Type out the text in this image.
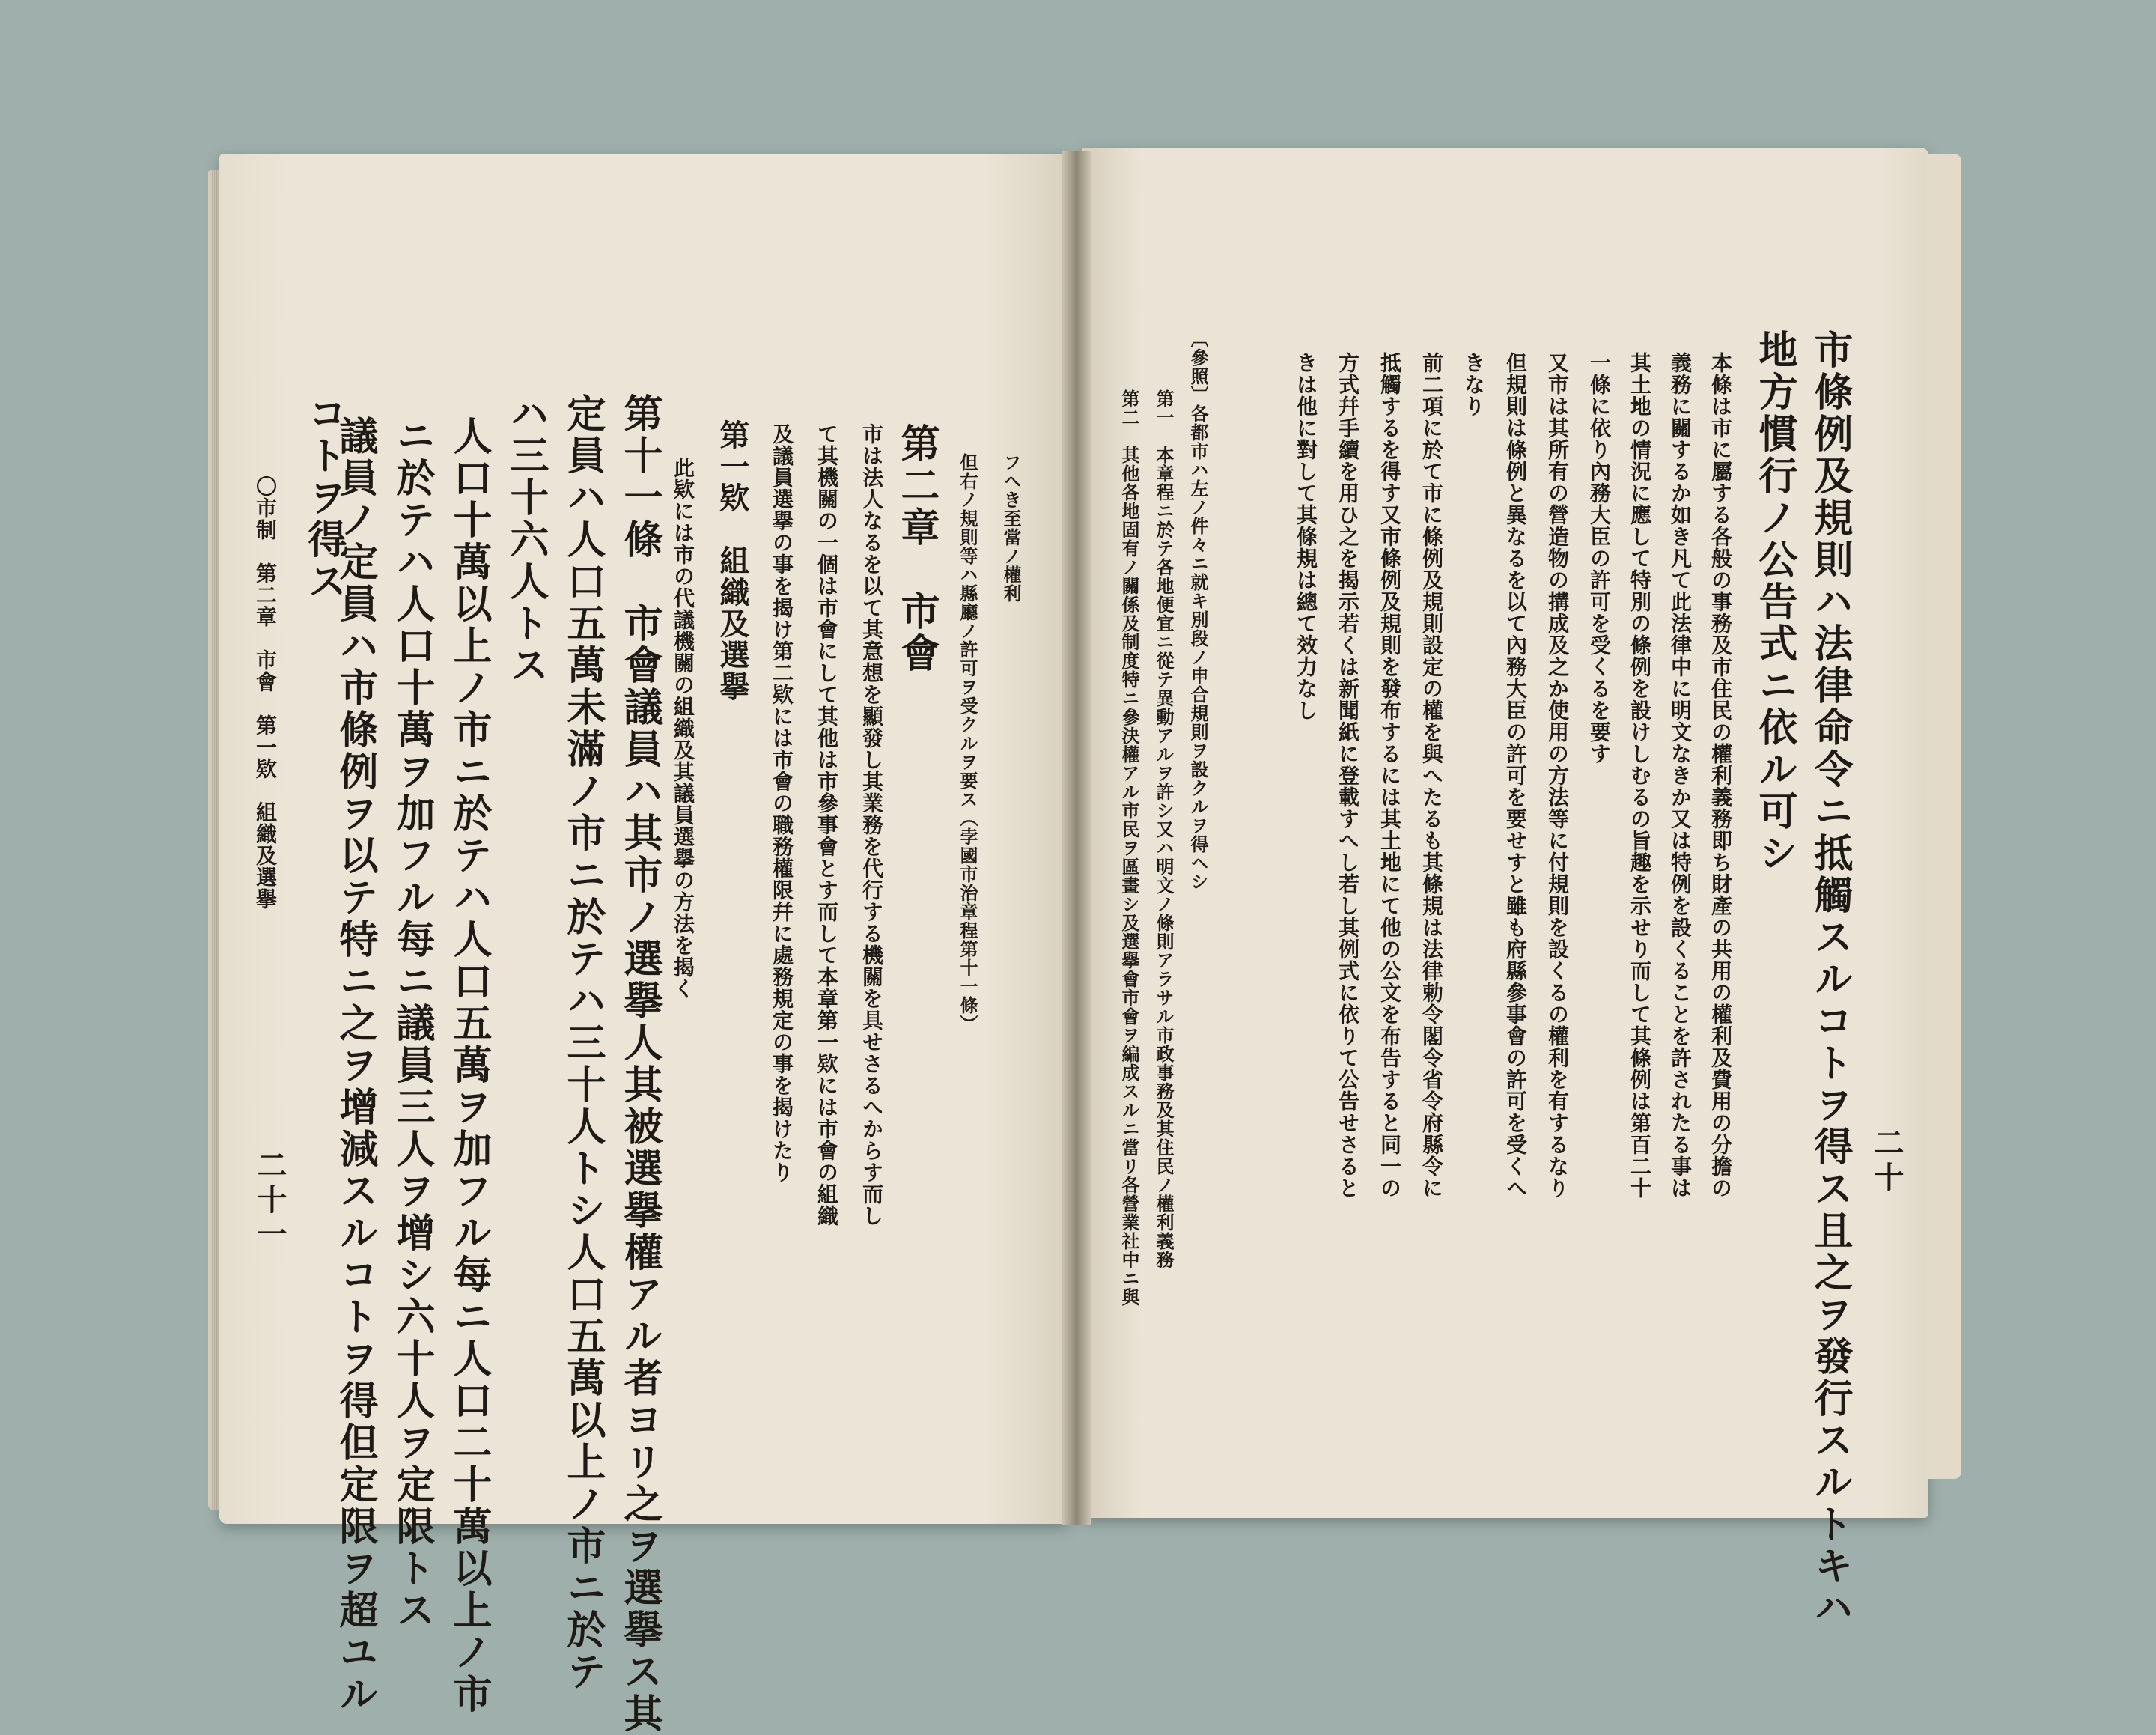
フへき至當ノ權利
但右ノ規則等ハ縣廳ノ許可ヲ受クルヲ要ス（孛國市治章程第十一條）
第二章　市會
市は法人なるを以て其意想を顯發し其業務を代行する機關を具せさるへからす而し
て其機關の一個は市會にして其他は市參事會とす而して本章第一欵には市會の組織
及議員選擧の事を揭け第二欵には市會の職務權限幷に處務規定の事を揭けたり
第一欵　組織及選擧
此欵には市の代議機關の組織及其議員選擧の方法を揭く
第十一條　市會議員ハ其市ノ選擧人其被選擧權アル者ヨリ之ヲ選擧ス其
定員ハ人口五萬未滿ノ市ニ於テハ三十人トシ人口五萬以上ノ市ニ於テ
ハ三十六人トス
人口十萬以上ノ市ニ於テハ人口五萬ヲ加フル每ニ人口二十萬以上ノ市
ニ於テハ人口十萬ヲ加フル每ニ議員三人ヲ增シ六十人ヲ定限トス
議員ノ定員ハ市條例ヲ以テ特ニ之ヲ增減スルコトヲ得但定限ヲ超ユル
コトヲ得ス
〇市制　第二章　市會　第一欵　組織及選擧
二十一	二十
市條例及規則ハ法律命令ニ抵觸スルコトヲ得ス且之ヲ發行スルトキハ
地方慣行ノ公告式ニ依ル可シ
本條は市に屬する各般の事務及市住民の權利義務即ち財產の共用の權利及費用の分擔の
義務に關するか如き凡て此法律中に明文なきか又は特例を設くることを許されたる事は
其土地の情況に應して特別の條例を設けしむるの旨趣を示せり而して其條例は第百二十
一條に依り內務大臣の許可を受くるを要す
又市は其所有の營造物の搆成及之か使用の方法等に付規則を設くるの權利を有するなり
但規則は條例と異なるを以て內務大臣の許可を要せすと雖も府縣參事會の許可を受くへ
きなり
前二項に於て市に條例及規則設定の權を與へたるも其條規は法律勅令閣令省令府縣令に
抵觸するを得す又市條例及規則を發布するには其土地にて他の公文を布告すると同一の
方式幷手續を用ひ之を揭示若くは新聞紙に登載すへし若し其例式に依りて公告せさると
きは他に對して其條規は總て效力なし
〔參照〕各都市ハ左ノ件々ニ就キ別段ノ申合規則ヲ設クルヲ得ヘシ
第一　本章程ニ於テ各地便宜ニ從テ異動アルヲ許シ又ハ明文ノ條則アラサル市政事務及其住民ノ權利義務
第二　其他各地固有ノ關係及制度特ニ參決權アル市民ヲ區畫シ及選擧會市會ヲ編成スルニ當リ各營業社中ニ與
